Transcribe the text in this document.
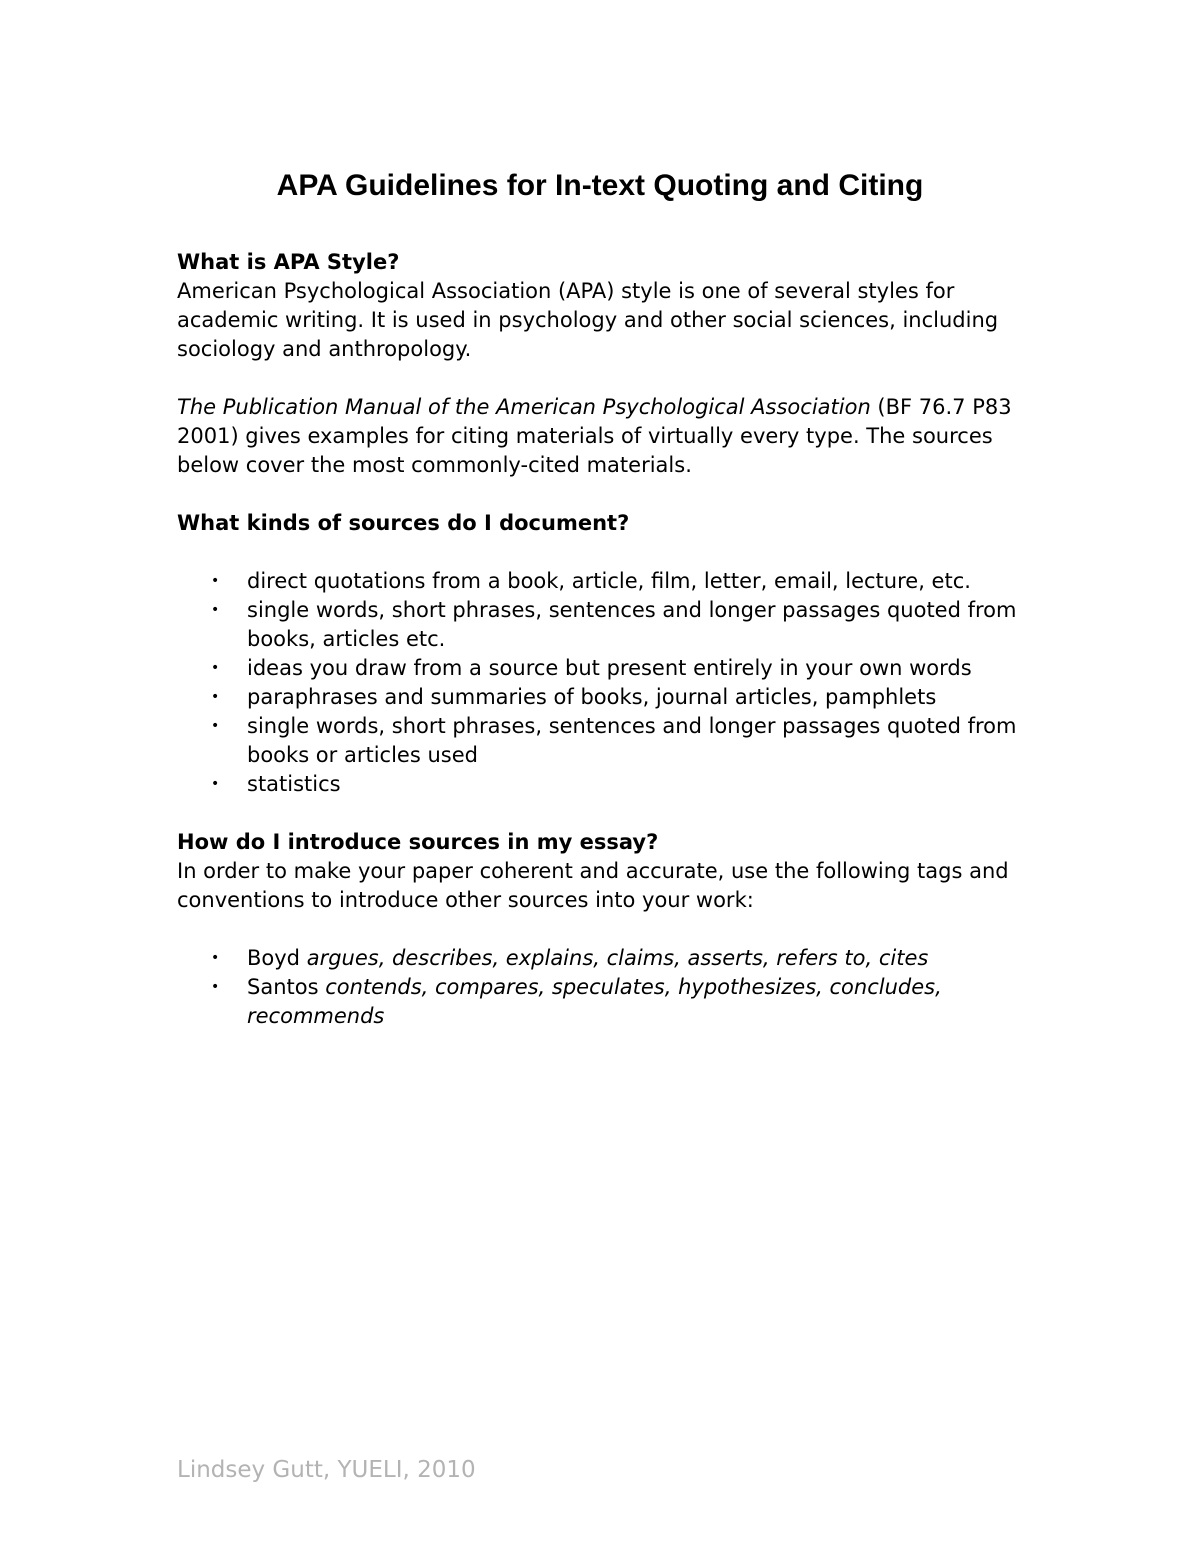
APA Guidelines for In-text Quoting and Citing
What is APA Style?

American Psychological Association (APA) style is one of several styles for academic writing. It is used in psychology and other social sciences, including sociology and anthropology.

The Publication Manual of the American Psychological Association (BF 76.7 P83 2001) gives examples for citing materials of virtually every type. The sources below cover the most commonly-cited materials.

What kinds of sources do I document?
• direct quotations from a book, article, film, letter, email, lecture, etc.
• single words, short phrases, sentences and longer passages quoted from books, articles etc.
• ideas you draw from a source but present entirely in your own words
• paraphrases and summaries of books, journal articles, pamphlets
• single words, short phrases, sentences and longer passages quoted from books or articles used
• statistics
How do I introduce sources in my essay?

In order to make your paper coherent and accurate, use the following tags and conventions to introduce other sources into your work:

• Boyd argues, describes, explains, claims, asserts, refers to, cites
• Santos contends, compares, speculates, hypothesizes, concludes, recommends
Lindsey Gutt, YUELI, 2010
